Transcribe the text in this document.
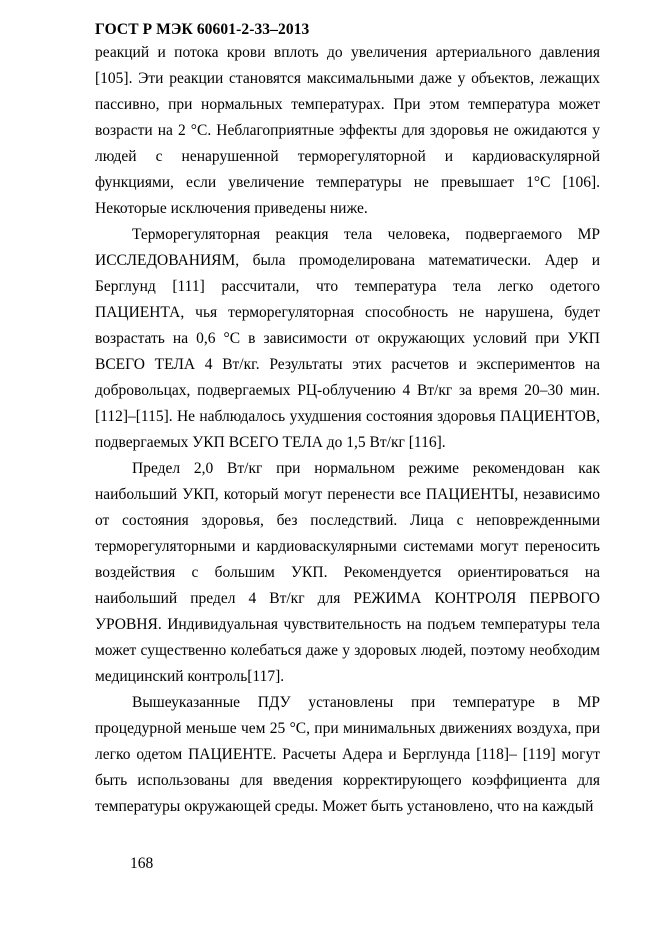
ГОСТ Р МЭК 60601-2-33–2013

реакций и потока крови вплоть до увеличения артериального давления [105]. Эти реакции становятся максимальными даже у объектов, лежащих пассивно, при нормальных температурах. При этом температура может возрасти на 2 °C. Неблагоприятные эффекты для здоровья не ожидаются у людей с ненарушенной терморегуляторной и кардиоваскулярной функциями, если увеличение температуры не превышает 1°C [106]. Некоторые исключения приведены ниже.

Терморегуляторная реакция тела человека, подвергаемого МР ИССЛЕДОВАНИЯМ, была промоделирована математически. Адер и Берглунд [111] рассчитали, что температура тела легко одетого ПАЦИЕНТА, чья терморегуляторная способность не нарушена, будет возрастать на 0,6 °C в зависимости от окружающих условий при УКП ВСЕГО ТЕЛА 4 Вт/кг. Результаты этих расчетов и экспериментов на добровольцах, подвергаемых РЦ-облучению 4 Вт/кг за время 20–30 мин. [112]–[115]. Не наблюдалось ухудшения состояния здоровья ПАЦИЕНТОВ, подвергаемых УКП ВСЕГО ТЕЛА до 1,5 Вт/кг [116].

Предел 2,0 Вт/кг при нормальном режиме рекомендован как наибольший УКП, который могут перенести все ПАЦИЕНТЫ, независимо от состояния здоровья, без последствий. Лица с неповрежденными терморегуляторными и кардиоваскулярными системами могут переносить воздействия с большим УКП. Рекомендуется ориентироваться на наибольший предел 4 Вт/кг для РЕЖИМА КОНТРОЛЯ ПЕРВОГО УРОВНЯ. Индивидуальная чувствительность на подъем температуры тела может существенно колебаться даже у здоровых людей, поэтому необходим медицинский контроль[117].

Вышеуказанные ПДУ установлены при температуре в МР процедурной меньше чем 25 °C, при минимальных движениях воздуха, при легко одетом ПАЦИЕНТЕ. Расчеты Адера и Берглунда [118]– [119] могут быть использованы для введения корректирующего коэффициента для температуры окружающей среды. Может быть установлено, что на каждый

168
